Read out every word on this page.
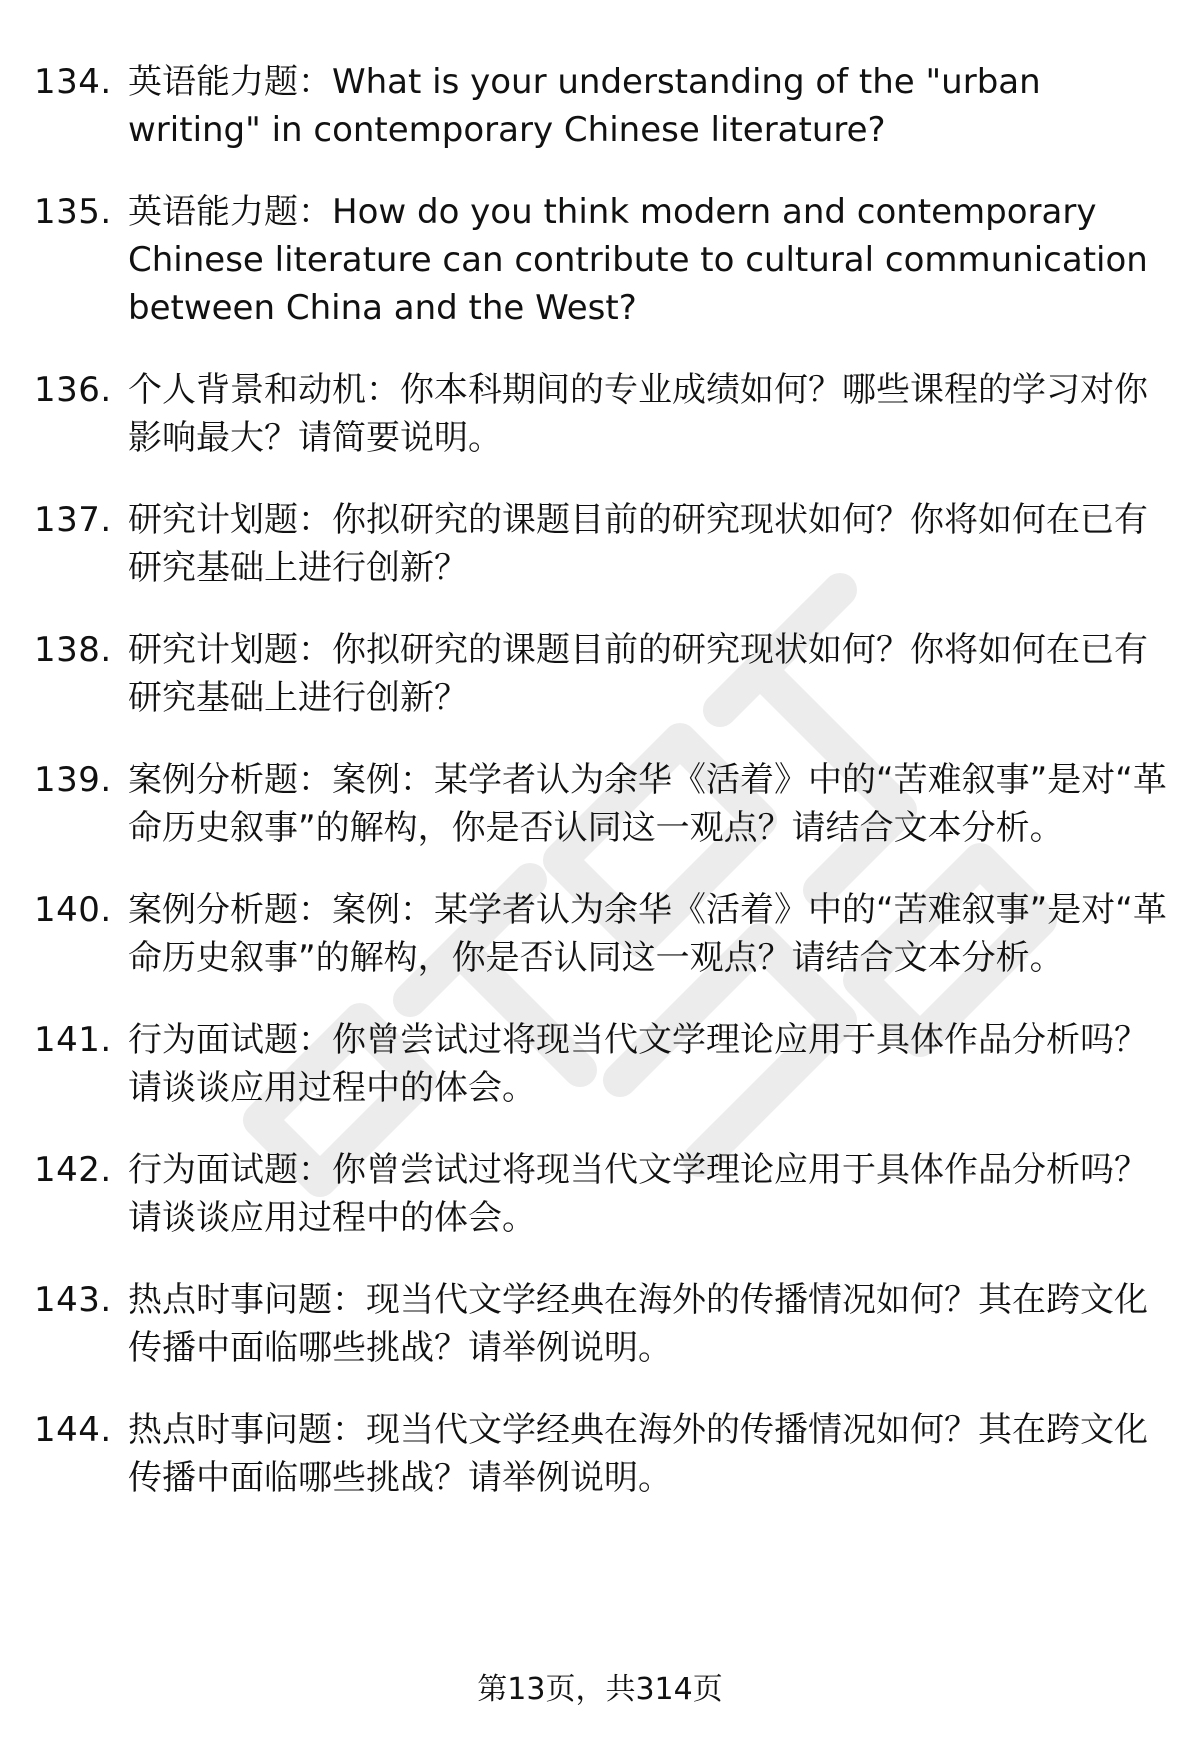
134. 英语能力题：What is your understanding of the "urban writing" in contemporary Chinese literature?
135. 英语能力题：How do you think modern and contemporary Chinese literature can contribute to cultural communication between China and the West?
136. 个人背景和动机：你本科期间的专业成绩如何？哪些课程的学习对你影响最大？请简要说明。
137. 研究计划题：你拟研究的课题目前的研究现状如何？你将如何在已有研究基础上进行创新？
138. 研究计划题：你拟研究的课题目前的研究现状如何？你将如何在已有研究基础上进行创新？
139. 案例分析题：案例：某学者认为余华《活着》中的“苦难叙事”是对“革命历史叙事”的解构，你是否认同这一观点？请结合文本分析。
140. 案例分析题：案例：某学者认为余华《活着》中的“苦难叙事”是对“革命历史叙事”的解构，你是否认同这一观点？请结合文本分析。
141. 行为面试题：你曾尝试过将现当代文学理论应用于具体作品分析吗？请谈谈应用过程中的体会。
142. 行为面试题：你曾尝试过将现当代文学理论应用于具体作品分析吗？请谈谈应用过程中的体会。
143. 热点时事问题：现当代文学经典在海外的传播情况如何？其在跨文化传播中面临哪些挑战？请举例说明。
144. 热点时事问题：现当代文学经典在海外的传播情况如何？其在跨文化传播中面临哪些挑战？请举例说明。
第13页，共314页
